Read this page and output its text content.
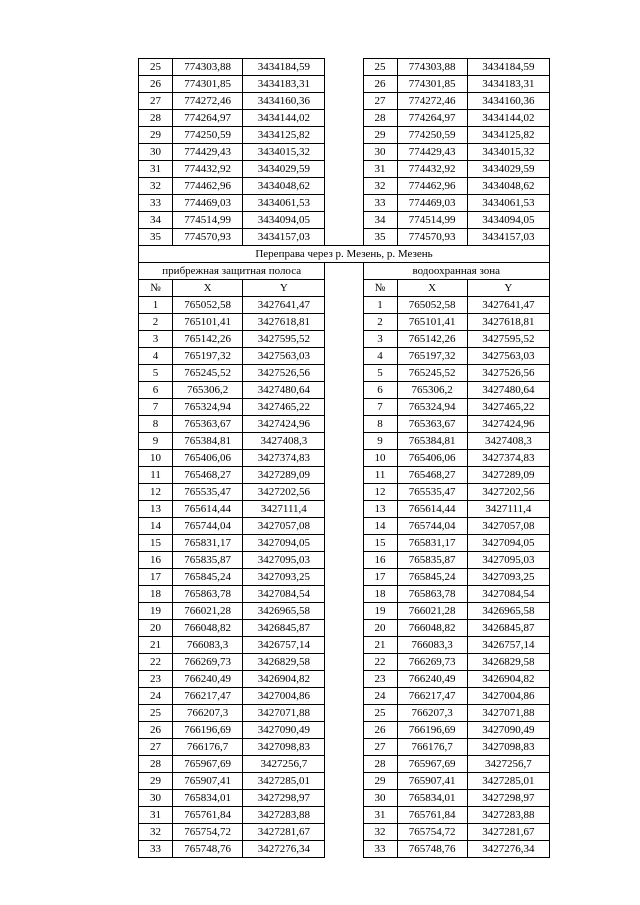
25	774303,88	3434184,59		25	774303,88	3434184,59
26	774301,85	3434183,31		26	774301,85	3434183,31
27	774272,46	3434160,36		27	774272,46	3434160,36
28	774264,97	3434144,02		28	774264,97	3434144,02
29	774250,59	3434125,82		29	774250,59	3434125,82
30	774429,43	3434015,32		30	774429,43	3434015,32
31	774432,92	3434029,59		31	774432,92	3434029,59
32	774462,96	3434048,62		32	774462,96	3434048,62
33	774469,03	3434061,53		33	774469,03	3434061,53
34	774514,99	3434094,05		34	774514,99	3434094,05
35	774570,93	3434157,03		35	774570,93	3434157,03
Переправа через р. Мезень, р. Мезень						
прибрежная защитная полоса				водоохранная зона		
№	X	Y		№	X	Y
1	765052,58	3427641,47		1	765052,58	3427641,47
2	765101,41	3427618,81		2	765101,41	3427618,81
3	765142,26	3427595,52		3	765142,26	3427595,52
4	765197,32	3427563,03		4	765197,32	3427563,03
5	765245,52	3427526,56		5	765245,52	3427526,56
6	765306,2	3427480,64		6	765306,2	3427480,64
7	765324,94	3427465,22		7	765324,94	3427465,22
8	765363,67	3427424,96		8	765363,67	3427424,96
9	765384,81	3427408,3		9	765384,81	3427408,3
10	765406,06	3427374,83		10	765406,06	3427374,83
11	765468,27	3427289,09		11	765468,27	3427289,09
12	765535,47	3427202,56		12	765535,47	3427202,56
13	765614,44	3427111,4		13	765614,44	3427111,4
14	765744,04	3427057,08		14	765744,04	3427057,08
15	765831,17	3427094,05		15	765831,17	3427094,05
16	765835,87	3427095,03		16	765835,87	3427095,03
17	765845,24	3427093,25		17	765845,24	3427093,25
18	765863,78	3427084,54		18	765863,78	3427084,54
19	766021,28	3426965,58		19	766021,28	3426965,58
20	766048,82	3426845,87		20	766048,82	3426845,87
21	766083,3	3426757,14		21	766083,3	3426757,14
22	766269,73	3426829,58		22	766269,73	3426829,58
23	766240,49	3426904,82		23	766240,49	3426904,82
24	766217,47	3427004,86		24	766217,47	3427004,86
25	766207,3	3427071,88		25	766207,3	3427071,88
26	766196,69	3427090,49		26	766196,69	3427090,49
27	766176,7	3427098,83		27	766176,7	3427098,83
28	765967,69	3427256,7		28	765967,69	3427256,7
29	765907,41	3427285,01		29	765907,41	3427285,01
30	765834,01	3427298,97		30	765834,01	3427298,97
31	765761,84	3427283,88		31	765761,84	3427283,88
32	765754,72	3427281,67		32	765754,72	3427281,67
33	765748,76	3427276,34		33	765748,76	3427276,34
